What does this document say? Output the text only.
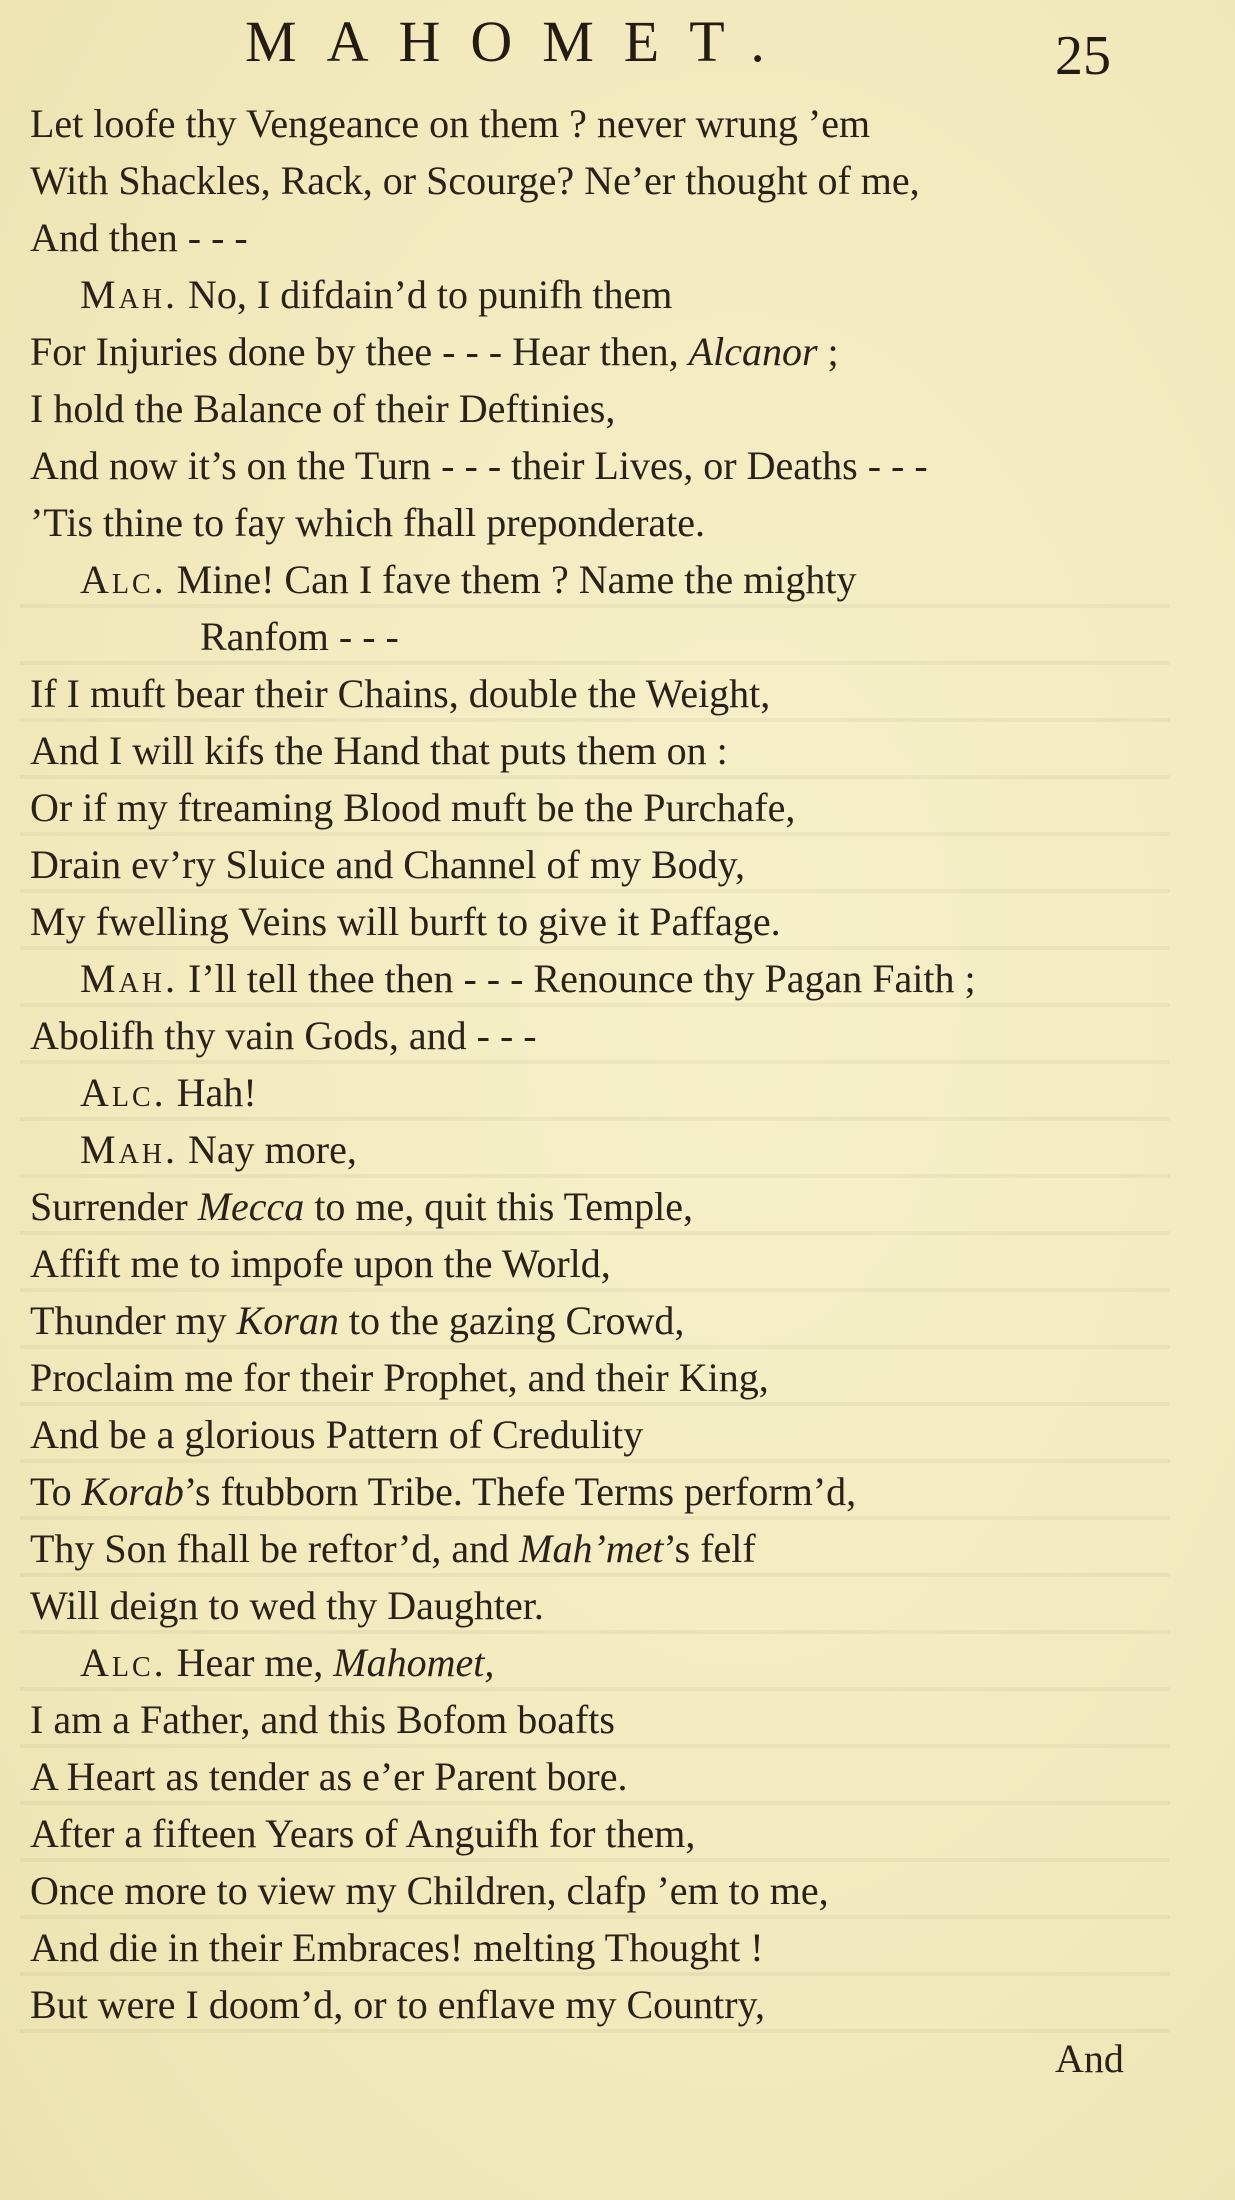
MAHOMET.	25
Let loofe thy Vengeance on them ? never wrung ’em
With Shackles, Rack, or Scourge? Ne’er thought of me,
And then - - -
Mah. No, I difdain’d to punifh them
For Injuries done by thee - - - Hear then, Alcanor ;
I hold the Balance of their Deftinies,
And now it’s on the Turn - - - their Lives, or Deaths - - -
’Tis thine to fay which fhall preponderate.
Alc. Mine! Can I fave them ? Name the mighty
Ranfom - - -
If I muft bear their Chains, double the Weight,
And I will kifs the Hand that puts them on :
Or if my ftreaming Blood muft be the Purchafe,
Drain ev’ry Sluice and Channel of my Body,
My fwelling Veins will burft to give it Paffage.
Mah. I’ll tell thee then - - - Renounce thy Pagan Faith ;
Abolifh thy vain Gods, and - - -
Alc. Hah!
Mah. Nay more,
Surrender Mecca to me, quit this Temple,
Affift me to impofe upon the World,
Thunder my Koran to the gazing Crowd,
Proclaim me for their Prophet, and their King,
And be a glorious Pattern of Credulity
To Korab’s ftubborn Tribe. Thefe Terms perform’d,
Thy Son fhall be reftor’d, and Mah’met’s felf
Will deign to wed thy Daughter.
Alc. Hear me, Mahomet,
I am a Father, and this Bofom boafts
A Heart as tender as e’er Parent bore.
After a fifteen Years of Anguifh for them,
Once more to view my Children, clafp ’em to me,
And die in their Embraces! melting Thought !
But were I doom’d, or to enflave my Country,
And
